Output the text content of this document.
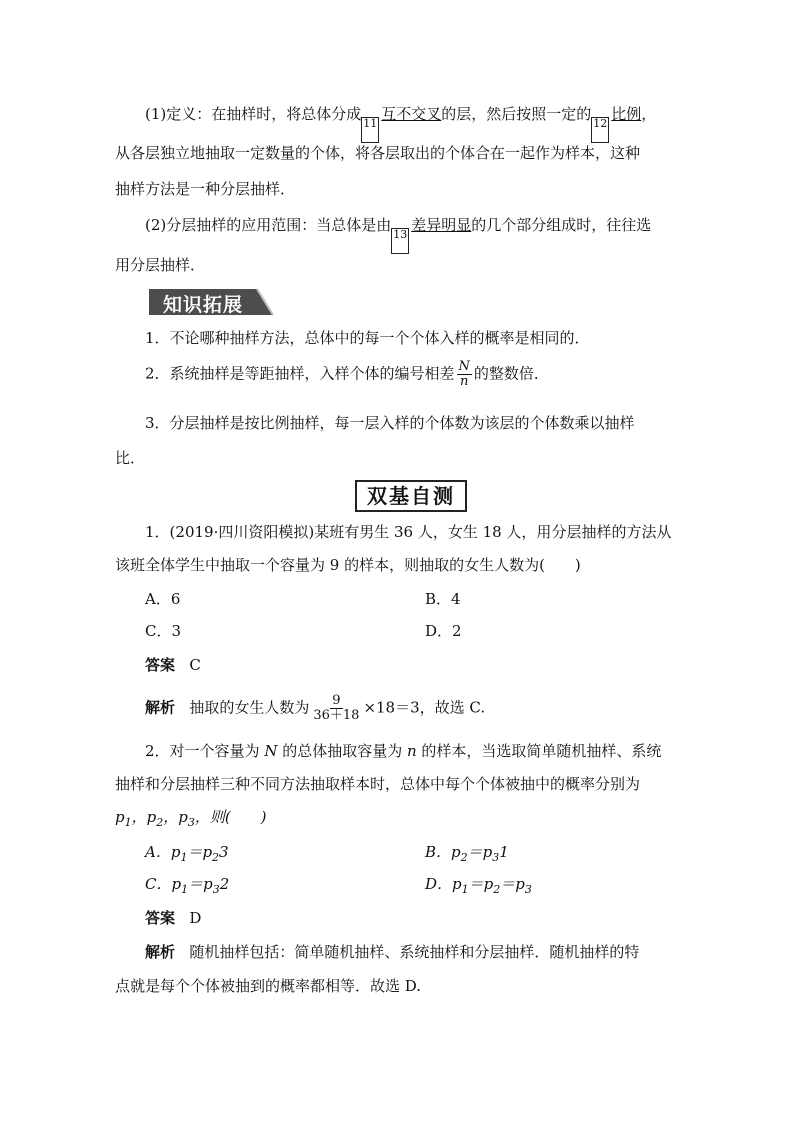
(1)定义：在抽样时，将总体分成11互不交叉的层，然后按照一定的12比例，
从各层独立地抽取一定数量的个体，将各层取出的个体合在一起作为样本，这种
抽样方法是一种分层抽样．
(2)分层抽样的应用范围：当总体是由13差异明显的几个部分组成时，往往选
用分层抽样．
知识拓展
1．不论哪种抽样方法，总体中的每一个个体入样的概率是相同的．
2．系统抽样是等距抽样，入样个体的编号相差 $\frac{N}{n}$ 的整数倍．
3．分层抽样是按比例抽样，每一层入样的个体数为该层的个体数乘以抽样
比．
双基自测
1．(2019·四川资阳模拟)某班有男生 36 人，女生 18 人，用分层抽样的方法从
该班全体学生中抽取一个容量为 9 的样本，则抽取的女生人数为(　　)
A．6	B．4
C．3	D．2
答案 C
解析 抽取的女生人数为 $\frac{9}{36+18} \times 18=3$，故选 C.
2．对一个容量为 N 的总体抽取容量为 n 的样本，当选取简单随机抽样、系统
抽样和分层抽样三种不同方法抽取样本时，总体中每个个体被抽中的概率分别为
$p_1$，$p_2$，$p_3$，则(　　)
A．$p_1=p_23$	B．$p_2=p_31$
C．$p_1=p_32$	D．$p_1=p_2=p_3$
答案 D
解析 随机抽样包括：简单随机抽样、系统抽样和分层抽样．随机抽样的特
点就是每个个体被抽到的概率都相等．故选 D.
